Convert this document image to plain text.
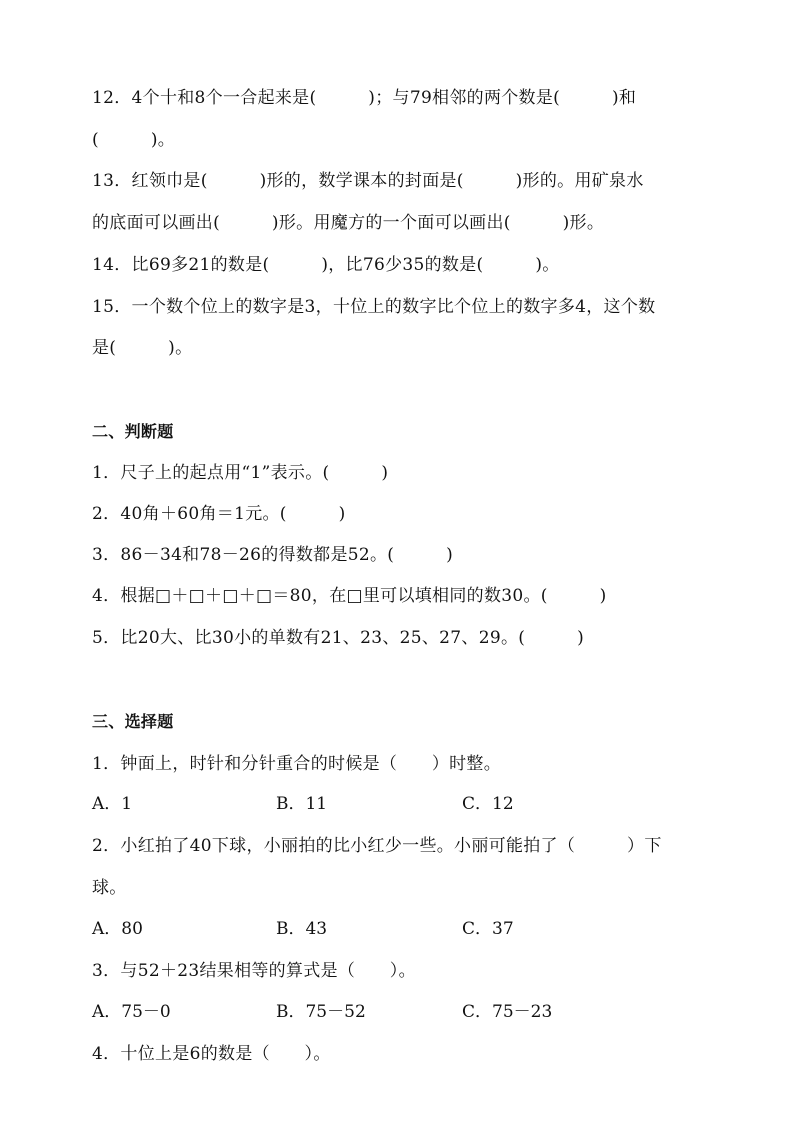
12．4个十和8个一合起来是(　　　)；与79相邻的两个数是(　　　)和
(　　　)。
13．红领巾是(　　　)形的，数学课本的封面是(　　　)形的。用矿泉水
的底面可以画出(　　　)形。用魔方的一个面可以画出(　　　)形。
14．比69多21的数是(　　　)，比76少35的数是(　　　)。
15．一个数个位上的数字是3，十位上的数字比个位上的数字多4，这个数
是(　　　)。
二、判断题
1．尺子上的起点用“1”表示。(　　　)
2．40角＋60角＝1元。(　　　)
3．86－34和78－26的得数都是52。(　　　)
4．根据□＋□＋□＋□＝80，在□里可以填相同的数30。(　　　)
5．比20大、比30小的单数有21、23、25、27、29。(　　　)
三、选择题
1．钟面上，时针和分针重合的时候是（　　）时整。
A．1	B．11	C．12
2．小红拍了40下球，小丽拍的比小红少一些。小丽可能拍了（　　　）下
球。
A．80	B．43	C．37
3．与52＋23结果相等的算式是（　　）。
A．75－0	B．75－52	C．75－23
4．十位上是6的数是（　　）。
